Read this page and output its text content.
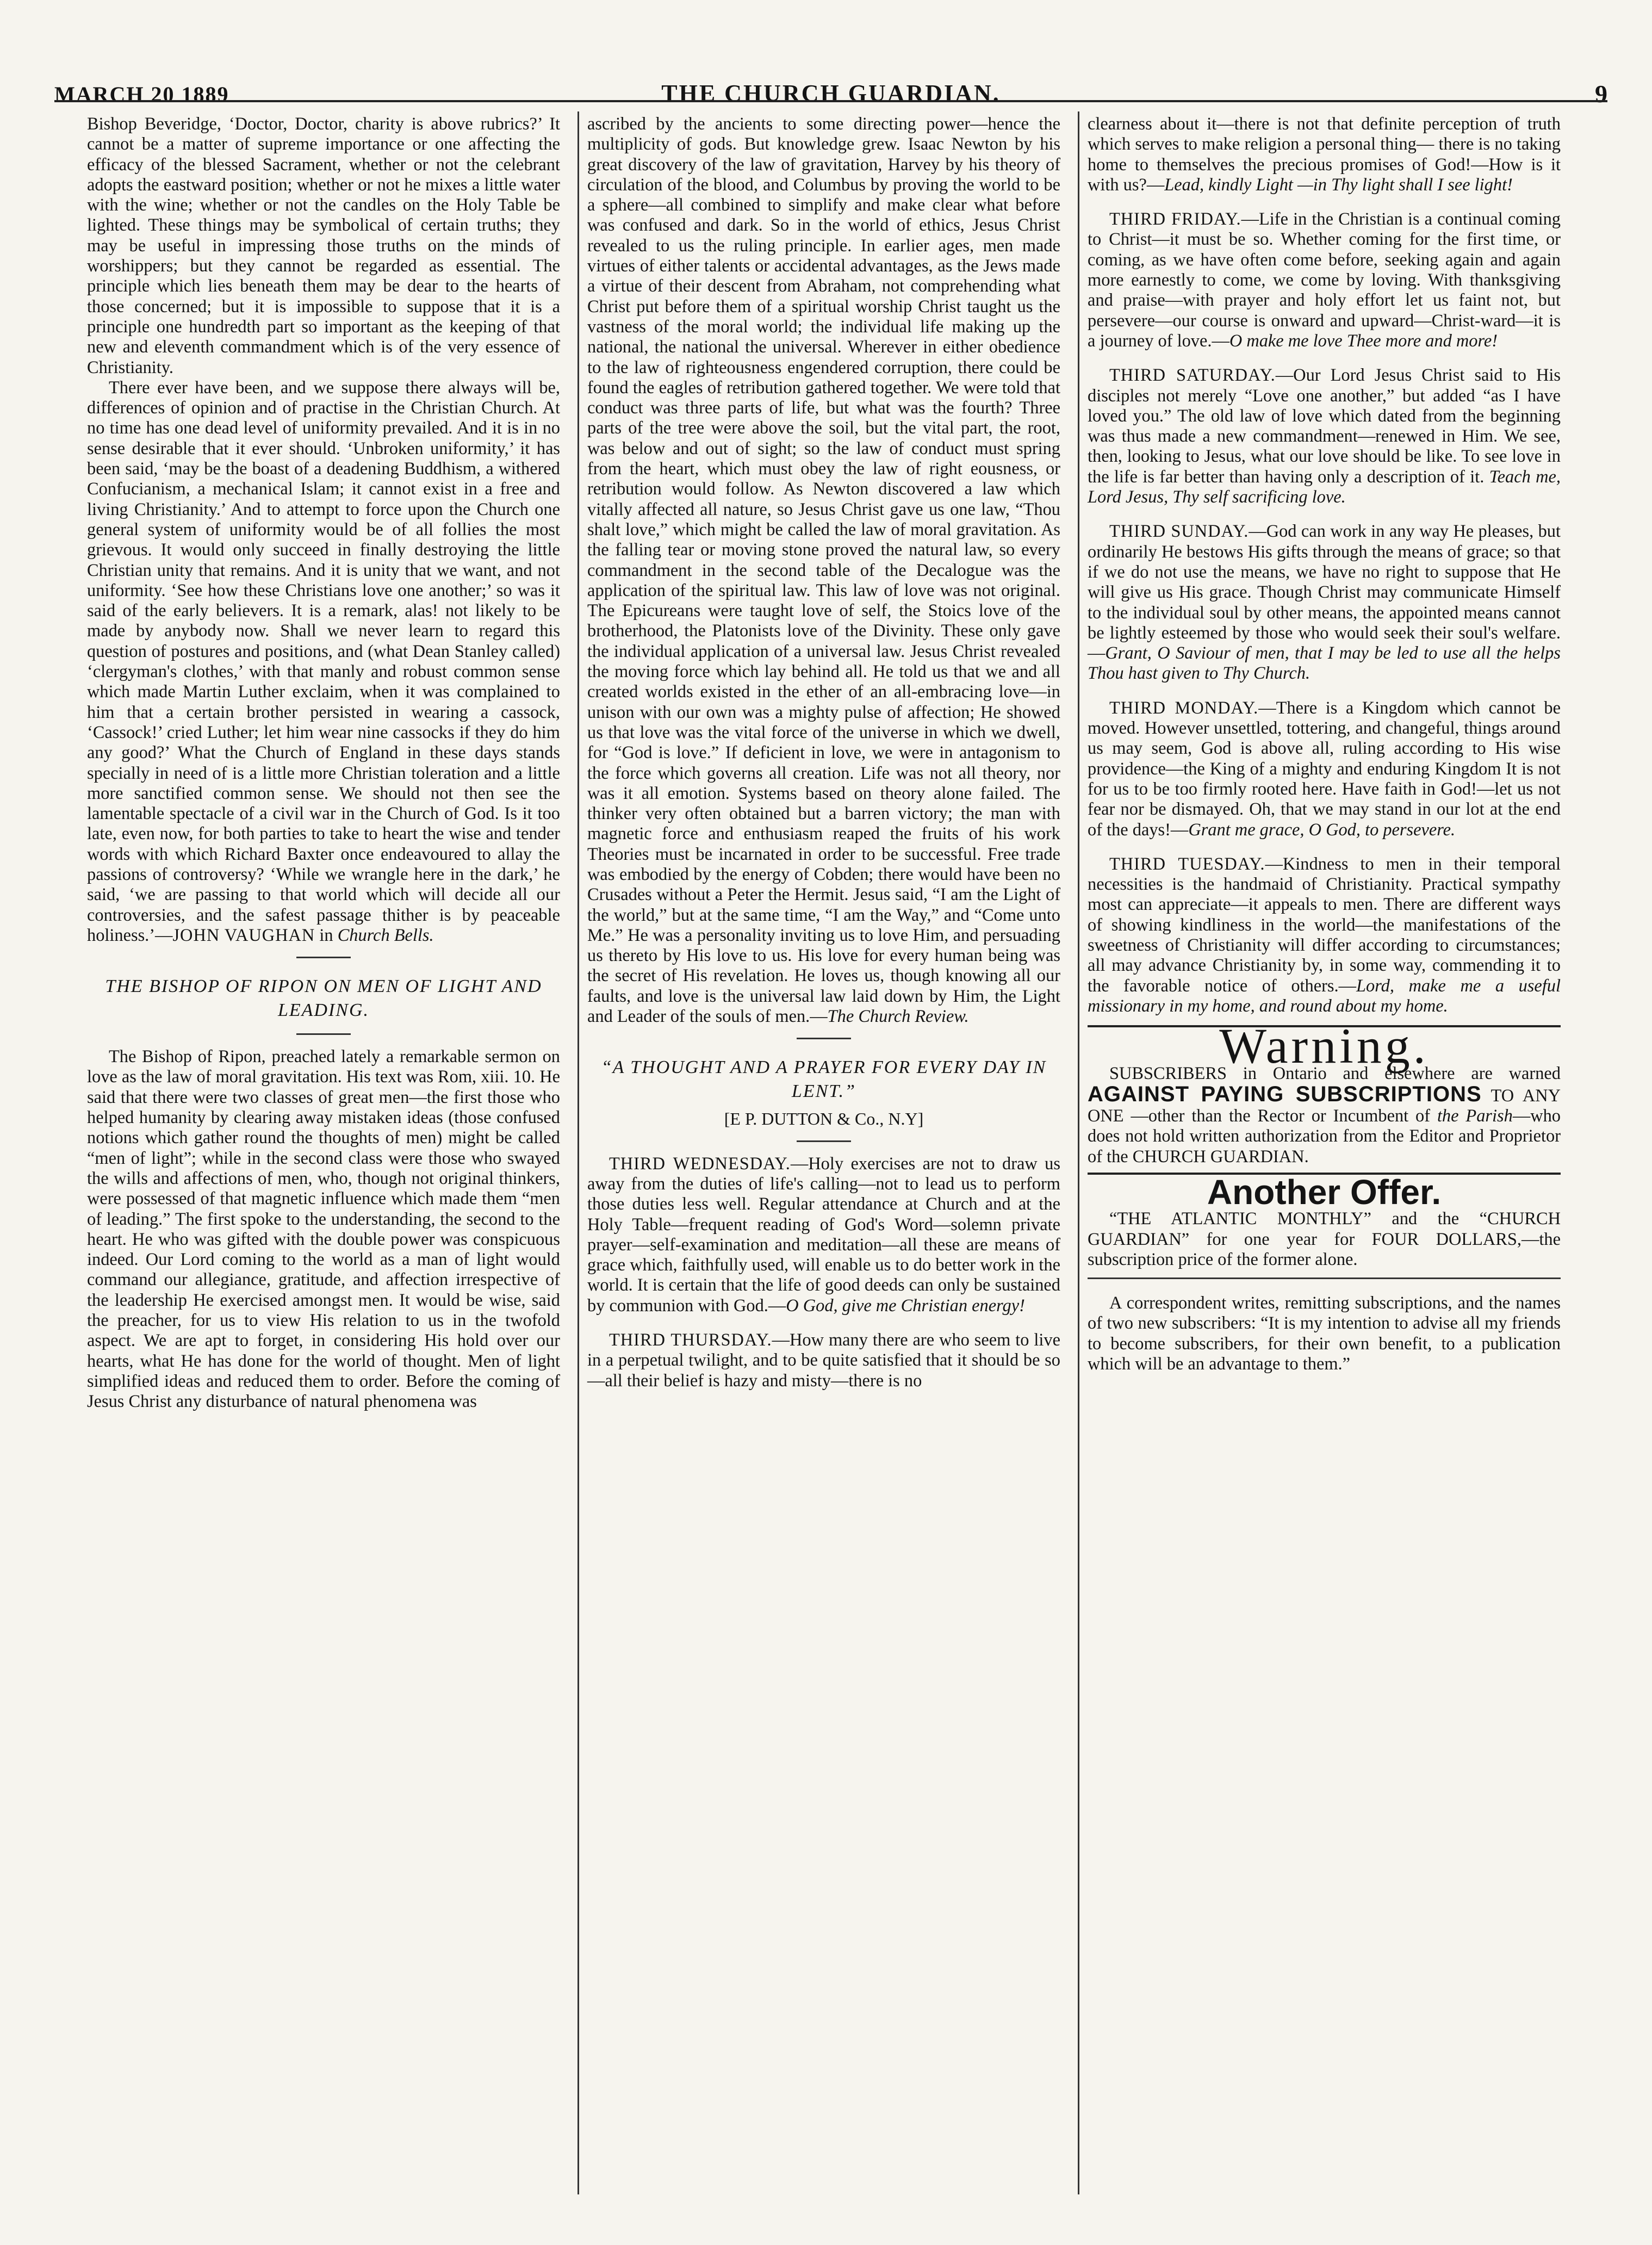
MARCH 20 1889	THE CHURCH GUARDIAN.	9

Bishop Beveridge, ‘Doctor, Doctor, charity is above rubrics?’ It cannot be a matter of supreme importance or one affecting the efficacy of the blessed Sacrament, whether or not the celebrant adopts the eastward position; whether or not he mixes a little water with the wine; whether or not the candles on the Holy Table be lighted. These things may be symbolical of certain truths; they may be useful in impressing those truths on the minds of worshippers; but they cannot be regarded as essential. The principle which lies beneath them may be dear to the hearts of those concerned; but it is impossible to suppose that it is a principle one hundredth part so important as the keeping of that new and eleventh commandment which is of the very essence of Christianity.

There ever have been, and we suppose there always will be, differences of opinion and of practise in the Christian Church. At no time has one dead level of uniformity prevailed. And it is in no sense desirable that it ever should. ‘Unbroken uniformity,’ it has been said, ‘may be the boast of a deadening Buddhism, a withered Confucianism, a mechanical Islam; it cannot exist in a free and living Christianity.’ And to attempt to force upon the Church one general system of uniformity would be of all follies the most grievous. It would only succeed in finally destroying the little Christian unity that remains. And it is unity that we want, and not uniformity. ‘See how these Christians love one another;’ so was it said of the early believers. It is a remark, alas! not likely to be made by anybody now. Shall we never learn to regard this question of postures and positions, and (what Dean Stanley called) ‘clergyman's clothes,’ with that manly and robust common sense which made Martin Luther exclaim, when it was complained to him that a certain brother persisted in wearing a cassock, ‘Cassock!’ cried Luther; let him wear nine cassocks if they do him any good?’ What the Church of England in these days stands specially in need of is a little more Christian toleration and a little more sanctified common sense. We should not then see the lamentable spectacle of a civil war in the Church of God. Is it too late, even now, for both parties to take to heart the wise and tender words with which Richard Baxter once endeavoured to allay the passions of controversy? ‘While we wrangle here in the dark,’ he said, ‘we are passing to that world which will decide all our controversies, and the safest passage thither is by peaceable holiness.’—JOHN VAUGHAN in Church Bells.

THE BISHOP OF RIPON ON MEN OF LIGHT AND LEADING.

The Bishop of Ripon, preached lately a remarkable sermon on love as the law of moral gravitation. His text was Rom, xiii. 10. He said that there were two classes of great men—the first those who helped humanity by clearing away mistaken ideas (those confused notions which gather round the thoughts of men) might be called “men of light”; while in the second class were those who swayed the wills and affections of men, who, though not original thinkers, were possessed of that magnetic influence which made them “men of leading.” The first spoke to the understanding, the second to the heart. He who was gifted with the double power was conspicuous indeed. Our Lord coming to the world as a man of light would command our allegiance, gratitude, and affection irrespective of the leadership He exercised amongst men. It would be wise, said the preacher, for us to view His relation to us in the twofold aspect. We are apt to forget, in considering His hold over our hearts, what He has done for the world of thought. Men of light simplified ideas and reduced them to order. Before the coming of Jesus Christ any disturbance of natural phenomena was

ascribed by the ancients to some directing power—hence the multiplicity of gods. But knowledge grew. Isaac Newton by his great discovery of the law of gravitation, Harvey by his theory of circulation of the blood, and Columbus by proving the world to be a sphere—all combined to simplify and make clear what before was confused and dark. So in the world of ethics, Jesus Christ revealed to us the ruling principle. In earlier ages, men made virtues of either talents or accidental advantages, as the Jews made a virtue of their descent from Abraham, not comprehending what Christ put before them of a spiritual worship Christ taught us the vastness of the moral world; the individual life making up the national, the national the universal. Wherever in either obedience to the law of righteousness engendered corruption, there could be found the eagles of retribution gathered together. We were told that conduct was three parts of life, but what was the fourth? Three parts of the tree were above the soil, but the vital part, the root, was below and out of sight; so the law of conduct must spring from the heart, which must obey the law of right eousness, or retribution would follow. As Newton discovered a law which vitally affected all nature, so Jesus Christ gave us one law, “Thou shalt love,” which might be called the law of moral gravitation. As the falling tear or moving stone proved the natural law, so every commandment in the second table of the Decalogue was the application of the spiritual law. This law of love was not original. The Epicureans were taught love of self, the Stoics love of the brotherhood, the Platonists love of the Divinity. These only gave the individual application of a universal law. Jesus Christ revealed the moving force which lay behind all. He told us that we and all created worlds existed in the ether of an all-embracing love—in unison with our own was a mighty pulse of affection; He showed us that love was the vital force of the universe in which we dwell, for “God is love.” If deficient in love, we were in antagonism to the force which governs all creation. Life was not all theory, nor was it all emotion. Systems based on theory alone failed. The thinker very often obtained but a barren victory; the man with magnetic force and enthusiasm reaped the fruits of his work Theories must be incarnated in order to be successful. Free trade was embodied by the energy of Cobden; there would have been no Crusades without a Peter the Hermit. Jesus said, “I am the Light of the world,” but at the same time, “I am the Way,” and “Come unto Me.” He was a personality inviting us to love Him, and persuading us thereto by His love to us. His love for every human being was the secret of His revelation. He loves us, though knowing all our faults, and love is the universal law laid down by Him, the Light and Leader of the souls of men.—The Church Review.

“A THOUGHT AND A PRAYER FOR EVERY DAY IN LENT.”
[E P. DUTTON & Co., N.Y]

THIRD WEDNESDAY.—Holy exercises are not to draw us away from the duties of life's calling—not to lead us to perform those duties less well. Regular attendance at Church and at the Holy Table—frequent reading of God's Word—solemn private prayer—self-examination and meditation—all these are means of grace which, faithfully used, will enable us to do better work in the world. It is certain that the life of good deeds can only be sustained by communion with God.—O God, give me Christian energy!

THIRD THURSDAY.—How many there are who seem to live in a perpetual twilight, and to be quite satisfied that it should be so—all their belief is hazy and misty—there is no

clearness about it—there is not that definite perception of truth which serves to make religion a personal thing— there is no taking home to themselves the precious promises of God!—How is it with us?—Lead, kindly Light —in Thy light shall I see light!

THIRD FRIDAY.—Life in the Christian is a continual coming to Christ—it must be so. Whether coming for the first time, or coming, as we have often come before, seeking again and again more earnestly to come, we come by loving. With thanksgiving and praise—with prayer and holy effort let us faint not, but persevere—our course is onward and upward—Christ-ward—it is a journey of love.—O make me love Thee more and more!

THIRD SATURDAY.—Our Lord Jesus Christ said to His disciples not merely “Love one another,” but added “as I have loved you.” The old law of love which dated from the beginning was thus made a new commandment—renewed in Him. We see, then, looking to Jesus, what our love should be like. To see love in the life is far better than having only a description of it. Teach me, Lord Jesus, Thy self sacrificing love.

THIRD SUNDAY.—God can work in any way He pleases, but ordinarily He bestows His gifts through the means of grace; so that if we do not use the means, we have no right to suppose that He will give us His grace. Though Christ may communicate Himself to the individual soul by other means, the appointed means cannot be lightly esteemed by those who would seek their soul's welfare.—Grant, O Saviour of men, that I may be led to use all the helps Thou hast given to Thy Church.

THIRD MONDAY.—There is a Kingdom which cannot be moved. However unsettled, tottering, and changeful, things around us may seem, God is above all, ruling according to His wise providence—the King of a mighty and enduring Kingdom It is not for us to be too firmly rooted here. Have faith in God!—let us not fear nor be dismayed. Oh, that we may stand in our lot at the end of the days!—Grant me grace, O God, to persevere.

THIRD TUESDAY.—Kindness to men in their temporal necessities is the handmaid of Christianity. Practical sympathy most can appreciate—it appeals to men. There are different ways of showing kindliness in the world—the manifestations of the sweetness of Christianity will differ according to circumstances; all may advance Christianity by, in some way, commending it to the favorable notice of others.—Lord, make me a useful missionary in my home, and round about my home.

Warning.

SUBSCRIBERS in Ontario and elsewhere are warned AGAINST PAYING SUBSCRIPTIONS TO ANY ONE —other than the Rector or Incumbent of the Parish—who does not hold written authorization from the Editor and Proprietor of the CHURCH GUARDIAN.

Another Offer.

“THE ATLANTIC MONTHLY” and the “CHURCH GUARDIAN” for one year for FOUR DOLLARS,—the subscription price of the former alone.

A correspondent writes, remitting subscriptions, and the names of two new subscribers: “It is my intention to advise all my friends to become subscribers, for their own benefit, to a publication which will be an advantage to them.”
